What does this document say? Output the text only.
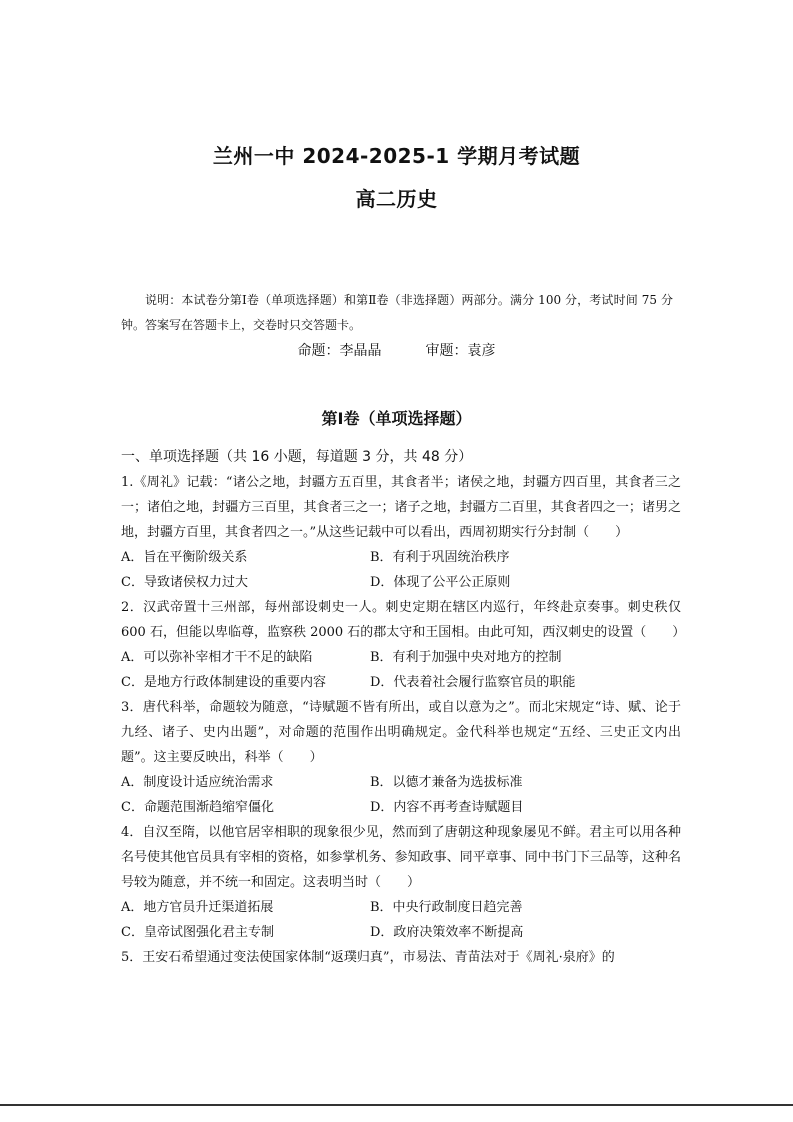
兰州一中 2024-2025-1 学期月考试题
高二历史
说明：本试卷分第Ⅰ卷（单项选择题）和第Ⅱ卷（非选择题）两部分。满分 100 分，考试时间 75 分钟。答案写在答题卡上，交卷时只交答题卡。
命题：李晶晶	审题：袁彦
第Ⅰ卷（单项选择题）
一、单项选择题（共 16 小题，每道题 3 分，共 48 分）
1.《周礼》记载：“诸公之地，封疆方五百里，其食者半；诸侯之地，封疆方四百里，其食者三之一；诸伯之地，封疆方三百里，其食者三之一；诸子之地，封疆方二百里，其食者四之一；诸男之地，封疆方百里，其食者四之一。”从这些记载中可以看出，西周初期实行分封制（　　）
A．旨在平衡阶级关系	B．有利于巩固统治秩序
C．导致诸侯权力过大	D．体现了公平公正原则
2．汉武帝置十三州部，每州部设刺史一人。刺史定期在辖区内巡行，年终赴京奏事。刺史秩仅 600 石，但能以卑临尊，监察秩 2000 石的郡太守和王国相。由此可知，西汉刺史的设置（　　）
A．可以弥补宰相才干不足的缺陷	B．有利于加强中央对地方的控制
C．是地方行政体制建设的重要内容	D．代表着社会履行监察官员的职能
3．唐代科举，命题较为随意，“诗赋题不皆有所出，或自以意为之”。而北宋规定“诗、赋、论于九经、诸子、史内出题”，对命题的范围作出明确规定。金代科举也规定“五经、三史正文内出题”。这主要反映出，科举（　　）
A．制度设计适应统治需求	B．以德才兼备为选拔标准
C．命题范围渐趋缩窄僵化	D．内容不再考查诗赋题目
4．自汉至隋，以他官居宰相职的现象很少见，然而到了唐朝这种现象屡见不鲜。君主可以用各种名号使其他官员具有宰相的资格，如参掌机务、参知政事、同平章事、同中书门下三品等，这种名号较为随意，并不统一和固定。这表明当时（　　）
A．地方官员升迁渠道拓展	B．中央行政制度日趋完善
C．皇帝试图强化君主专制	D．政府决策效率不断提高
5．王安石希望通过变法使国家体制“返璞归真”，市易法、青苗法对于《周礼·泉府》的
